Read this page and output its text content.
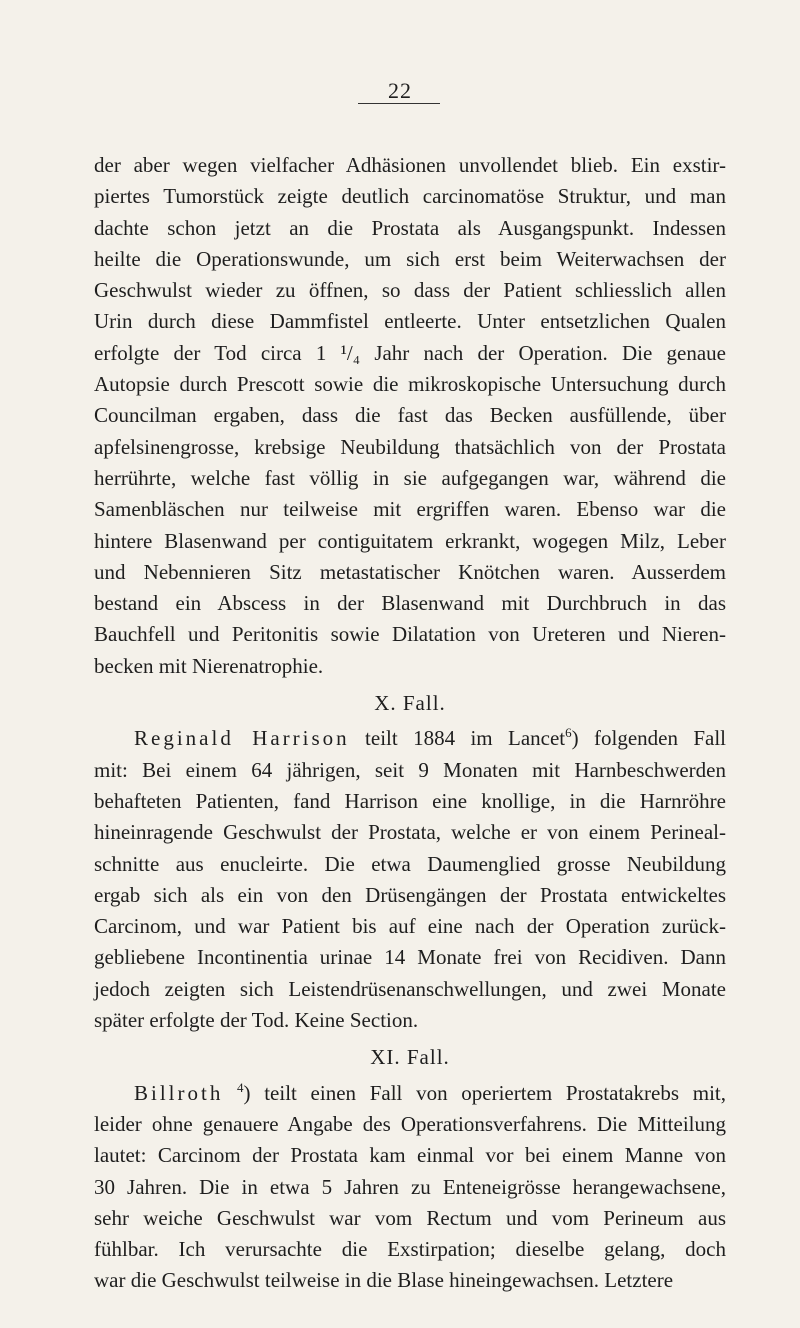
22
der aber wegen vielfacher Adhäsionen unvollendet blieb. Ein exstir-
piertes Tumorstück zeigte deutlich carcinomatöse Struktur, und man
dachte schon jetzt an die Prostata als Ausgangspunkt. Indessen
heilte die Operationswunde, um sich erst beim Weiterwachsen der
Geschwulst wieder zu öffnen, so dass der Patient schliesslich allen
Urin durch diese Dammfistel entleerte. Unter entsetzlichen Qualen
erfolgte der Tod circa 1 ¹/₄ Jahr nach der Operation. Die genaue
Autopsie durch Prescott sowie die mikroskopische Untersuchung durch
Councilman ergaben, dass die fast das Becken ausfüllende, über
apfelsinengrosse, krebsige Neubildung thatsächlich von der Prostata
herrührte, welche fast völlig in sie aufgegangen war, während die
Samenbläschen nur teilweise mit ergriffen waren. Ebenso war die
hintere Blasenwand per contiguitatem erkrankt, wogegen Milz, Leber
und Nebennieren Sitz metastatischer Knötchen waren. Ausserdem
bestand ein Abscess in der Blasenwand mit Durchbruch in das
Bauchfell und Peritonitis sowie Dilatation von Ureteren und Nieren-
becken mit Nierenatrophie.
X. Fall.
Reginald Harrison teilt 1884 im Lancet$^6$) folgenden Fall
mit: Bei einem 64 jährigen, seit 9 Monaten mit Harnbeschwerden
behafteten Patienten, fand Harrison eine knollige, in die Harnröhre
hineinragende Geschwulst der Prostata, welche er von einem Perineal-
schnitte aus enucleirte. Die etwa Daumenglied grosse Neubildung
ergab sich als ein von den Drüsengängen der Prostata entwickeltes
Carcinom, und war Patient bis auf eine nach der Operation zurück-
gebliebene Incontinentia urinae 14 Monate frei von Recidiven. Dann
jedoch zeigten sich Leistendrüsenanschwellungen, und zwei Monate
später erfolgte der Tod. Keine Section.
XI. Fall.
Billroth $^4$) teilt einen Fall von operiertem Prostatakrebs mit,
leider ohne genauere Angabe des Operationsverfahrens. Die Mitteilung
lautet: Carcinom der Prostata kam einmal vor bei einem Manne von
30 Jahren. Die in etwa 5 Jahren zu Enteneigrösse herangewachsene,
sehr weiche Geschwulst war vom Rectum und vom Perineum aus
fühlbar. Ich verursachte die Exstirpation; dieselbe gelang, doch
war die Geschwulst teilweise in die Blase hineingewachsen. Letztere
